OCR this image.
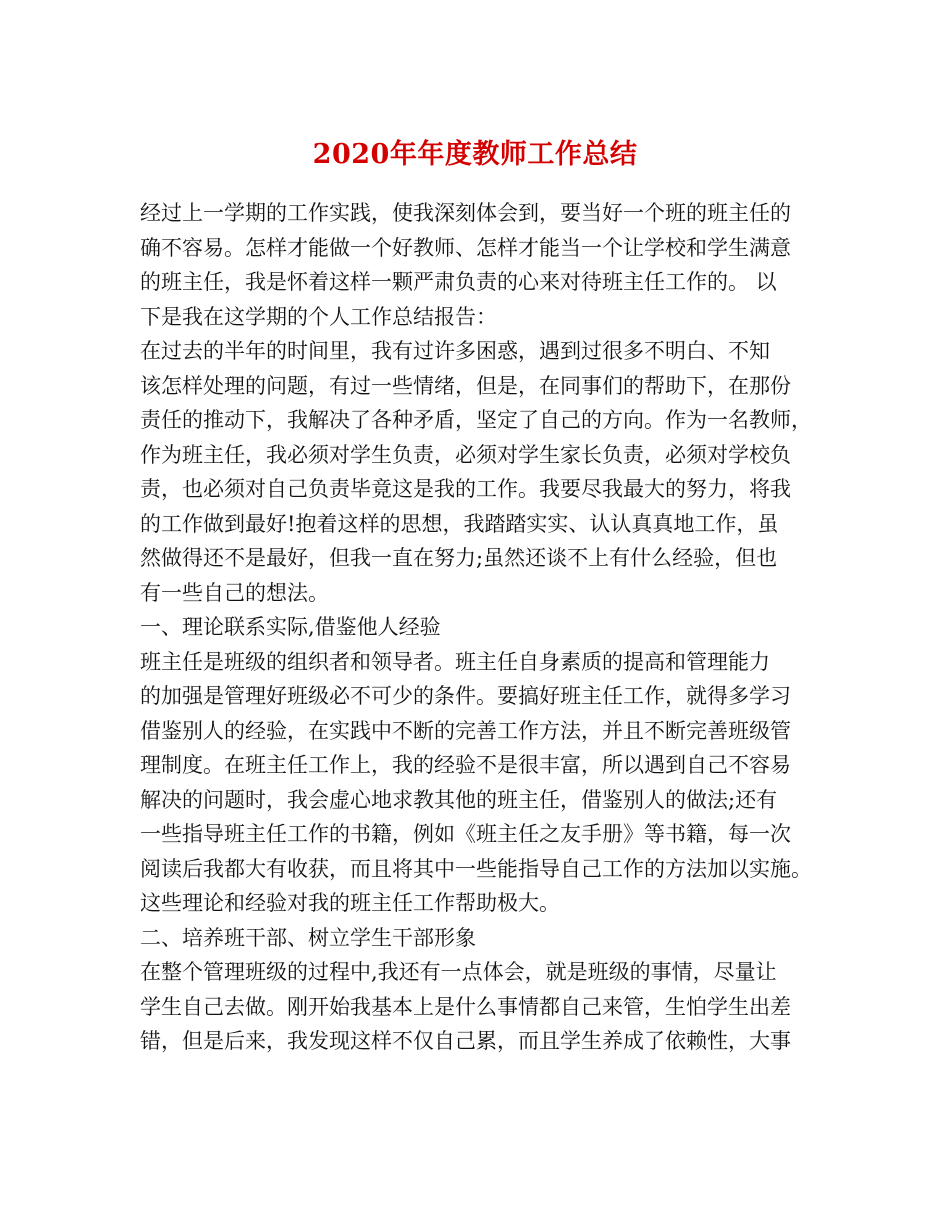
2020年年度教师工作总结
经过上一学期的工作实践，使我深刻体会到，要当好一个班的班主任的
确不容易。怎样才能做一个好教师、怎样才能当一个让学校和学生满意
的班主任，我是怀着这样一颗严肃负责的心来对待班主任工作的。 以
下是我在这学期的个人工作总结报告：
在过去的半年的时间里，我有过许多困惑，遇到过很多不明白、不知
该怎样处理的问题，有过一些情绪，但是，在同事们的帮助下，在那份
责任的推动下，我解决了各种矛盾，坚定了自己的方向。作为一名教师，
作为班主任，我必须对学生负责，必须对学生家长负责，必须对学校负
责，也必须对自己负责毕竟这是我的工作。我要尽我最大的努力，将我
的工作做到最好!抱着这样的思想，我踏踏实实、认认真真地工作，虽
然做得还不是最好，但我一直在努力;虽然还谈不上有什么经验，但也
有一些自己的想法。
一、理论联系实际,借鉴他人经验
班主任是班级的组织者和领导者。班主任自身素质的提高和管理能力
的加强是管理好班级必不可少的条件。要搞好班主任工作，就得多学习
借鉴别人的经验，在实践中不断的完善工作方法，并且不断完善班级管
理制度。在班主任工作上，我的经验不是很丰富，所以遇到自己不容易
解决的问题时，我会虚心地求教其他的班主任，借鉴别人的做法;还有
一些指导班主任工作的书籍，例如《班主任之友手册》等书籍，每一次
阅读后我都大有收获，而且将其中一些能指导自己工作的方法加以实施。
这些理论和经验对我的班主任工作帮助极大。
二、培养班干部、树立学生干部形象
在整个管理班级的过程中,我还有一点体会，就是班级的事情，尽量让
学生自己去做。刚开始我基本上是什么事情都自己来管，生怕学生出差
错，但是后来，我发现这样不仅自己累，而且学生养成了依赖性，大事
